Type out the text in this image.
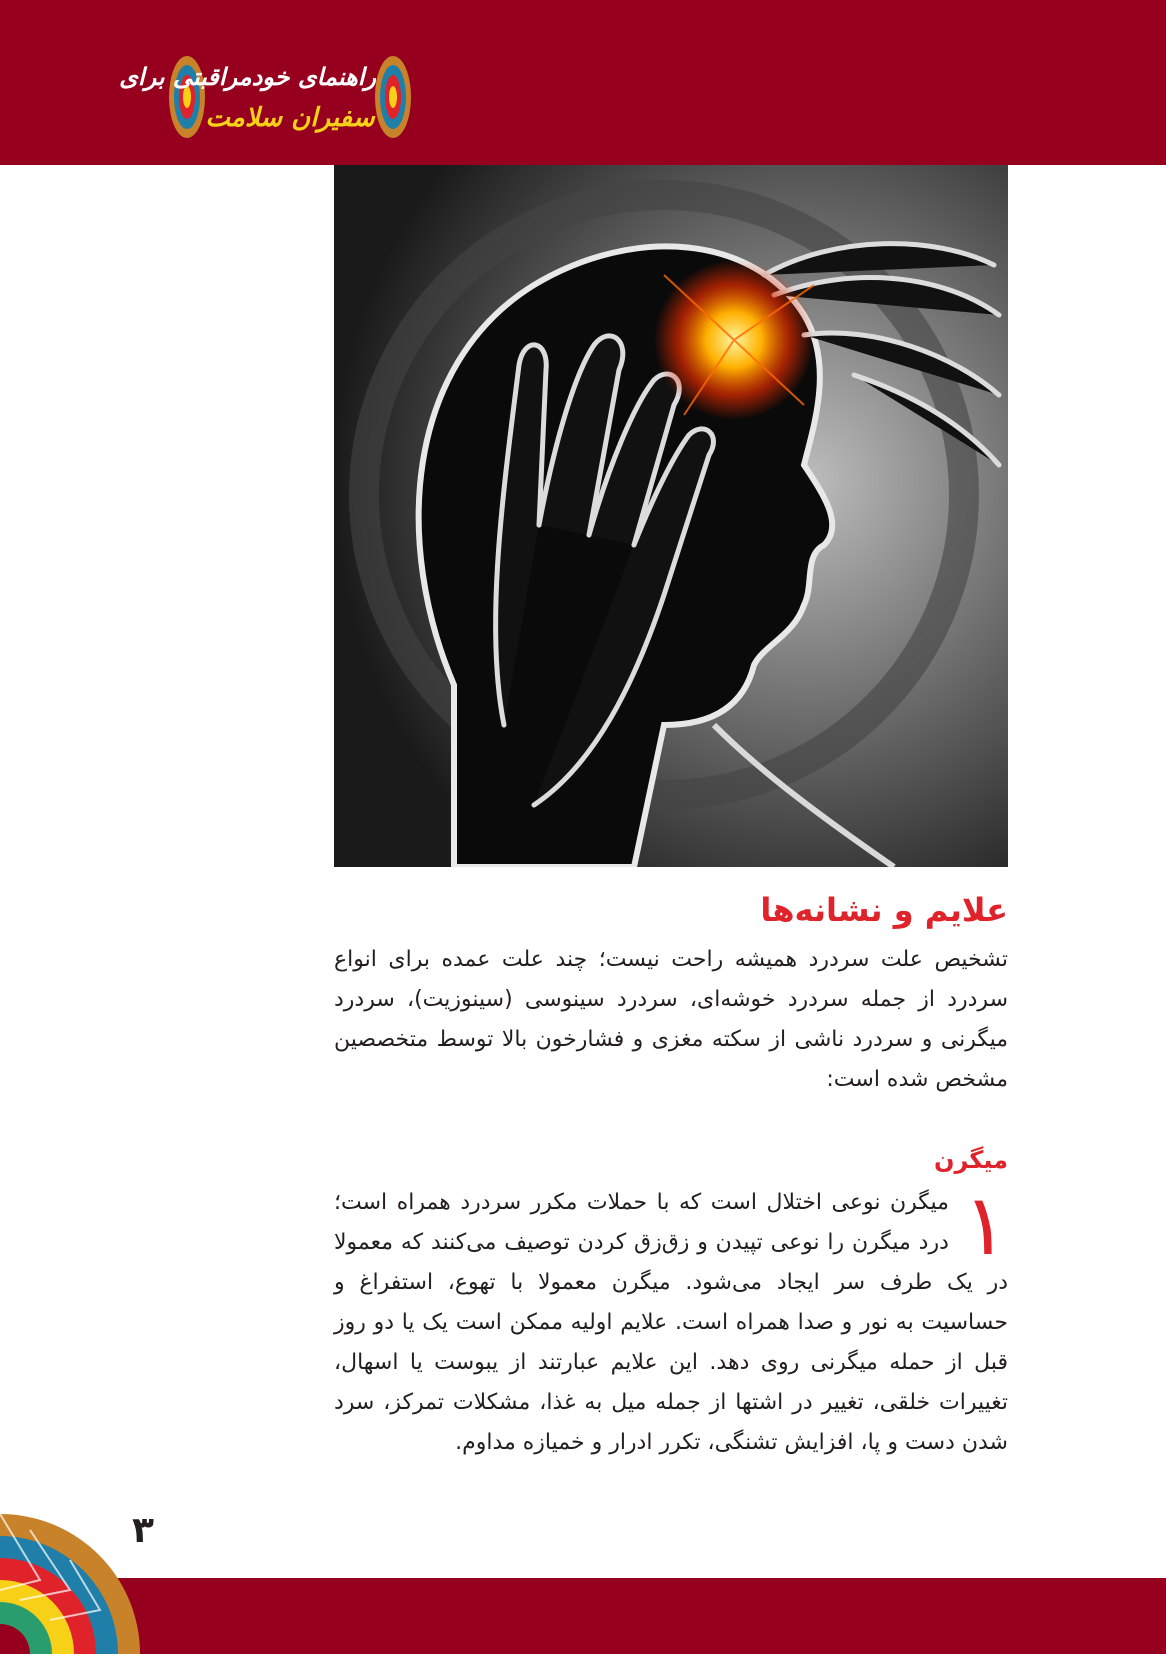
راهنمای خودمراقبتی برای
سفیران سلامت
علایم و نشانه‌ها
تشخیص علت سردرد همیشه راحت نیست؛ چند علت عمده برای انواع سردرد از جمله سردرد خوشه‌ای، سردرد سینوسی (سینوزیت)، سردرد میگرنی و سردرد ناشی از سکته مغزی و فشارخون بالا توسط متخصصین مشخص شده است:
میگرن
۱
میگرن نوعی اختلال است که با حملات مکرر سردرد همراه است؛ درد میگرن را نوعی تپیدن و زق‌زق کردن توصیف می‌کنند که معمولا در یک طرف سر ایجاد می‌شود. میگرن معمولا با تهوع، استفراغ و حساسیت به نور و صدا همراه است. علایم اولیه ممکن است یک یا دو روز قبل از حمله میگرنی روی دهد. این علایم عبارتند از یبوست یا اسهال، تغییرات خلقی، تغییر در اشتها از جمله میل به غذا، مشکلات تمرکز، سرد شدن دست و پا، افزایش تشنگی، تکرر ادرار و خمیازه مداوم.
۳
